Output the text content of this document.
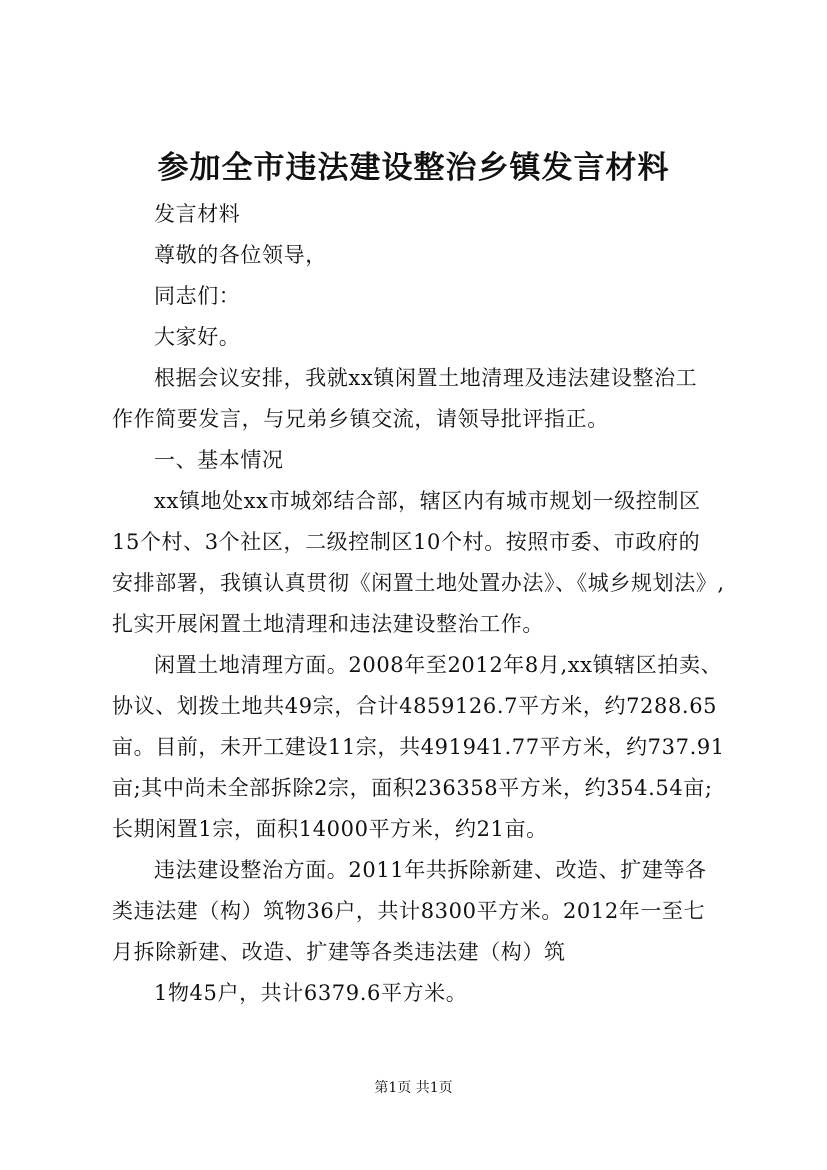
参加全市违法建设整治乡镇发言材料
发言材料
尊敬的各位领导，
同志们：
大家好。
根据会议安排，我就xx镇闲置土地清理及违法建设整治工
作作简要发言，与兄弟乡镇交流，请领导批评指正。
一、基本情况
xx镇地处xx市城郊结合部，辖区内有城市规划一级控制区
15个村、3个社区，二级控制区10个村。按照市委、市政府的
安排部署，我镇认真贯彻《闲置土地处置办法》、《城乡规划法》,
扎实开展闲置土地清理和违法建设整治工作。
闲置土地清理方面。2008年至2012年8月,xx镇辖区拍卖、
协议、划拨土地共49宗，合计4859126.7平方米，约7288.65
亩。目前，未开工建设11宗，共491941.77平方米，约737.91
亩;其中尚未全部拆除2宗，面积236358平方米，约354.54亩;
长期闲置1宗，面积14000平方米，约21亩。
违法建设整治方面。2011年共拆除新建、改造、扩建等各
类违法建（构）筑物36户，共计8300平方米。2012年一至七
月拆除新建、改造、扩建等各类违法建（构）筑
1物45户，共计6379.6平方米。
第1页 共1页
